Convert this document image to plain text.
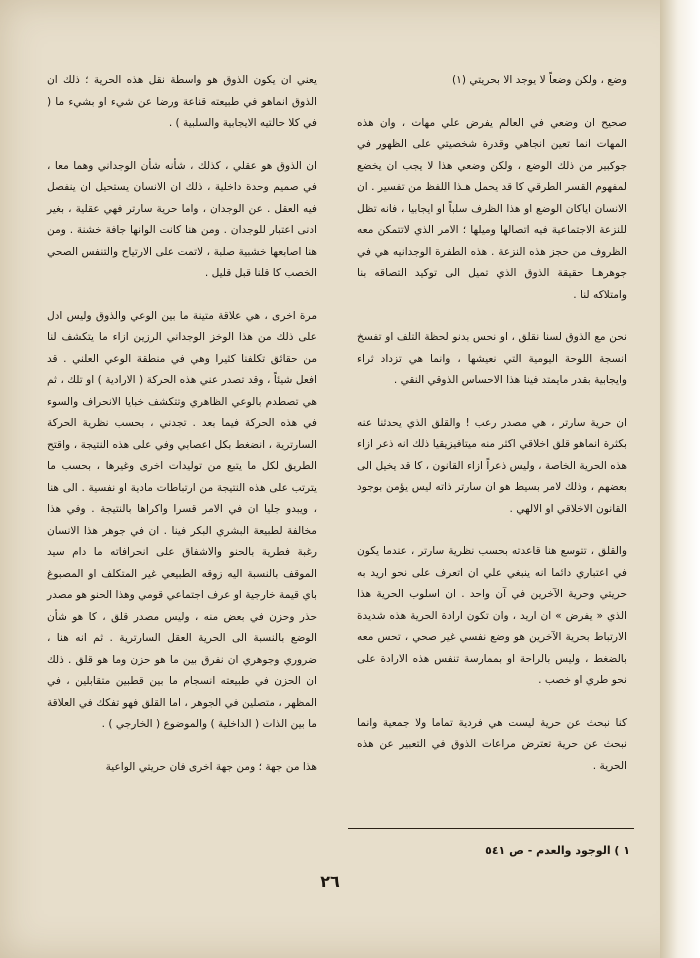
وضع ، ولكن وضعاً لا يوجد الا بحريتي (١)

صحيح ان وضعي في العالم يفرض علي مهات ، وان هذه المهات انما تعين انجاهي وقدرة شخصيتي على الظهور في جوكبير من ذلك الوضع ، ولكن وضعي هذا لا يجب ان يخضع لمفهوم القسر الطرقي كا قد يحمل هـذا اللفظ من تفسير . ان الانسان اياكان الوضع او هذا الظرف سلباً او ايجابيا ، فانه تظل للنزعة الاجتماعية فيه اتصالها وميلها ؛ الامر الذي لاتتمكن معه الظروف من حجز هذه النزعة . هذه الطفرة الوجدانيه هي في جوهرهـا حقيقة الذوق الذي تميل الى توكيد التصاقه بنا وامتلاكه لنا .

نحن مع الذوق لسنا نقلق ، او نحس بدنو لحظة التلف او تفسخ انسجة اللوحة اليومية التي نعيشها ، وانما هي تزداد ثراء وايجابية بقدر مايمتد فينا هذا الاحساس الذوقي النقي .

ان حرية سارتر ، هي مصدر رعب ! والقلق الذي يحدثنا عنه بكثرة انماهو قلق اخلاقي اكثر منه ميتافيزيقيا ذلك انه ذعر ازاء هذه الحرية الخاصة ، وليس ذعراً ازاء القانون ، كا قد يخيل الى بعضهم ، وذلك لامر بسيط هو ان سارتر ذاته ليس يؤمن بوجود القانون الاخلاقي او الالهي .

والقلق ، تتوسع هنا قاعدته بحسب نظرية سارتر ، عندما يكون في اعتباري دائما انه ينبغي علي ان اتعرف على نحو اريد به حريتي وحرية الآخرين في آن واحد . ان اسلوب الحرية هذا الذي « يفرض » ان اريد ، وان تكون ارادة الحرية هذه شديدة الارتباط بحرية الآخرين هو وضع نفسي غير صحي ، تحس معه بالضغط ، وليس بالراحة او بممارسة تنفس هذه الارادة على نحو طري او خصب .

كنا نبحث عن حرية ليست هي فردية تماما ولا جمعية وانما نبحث عن حرية تعترض مراعات الذوق في التعبير عن هذه الحرية .

يعني ان يكون الذوق هو واسطة نقل هذه الحرية ؛ ذلك ان الذوق انماهو في طبيعته قناعة ورضا عن شيء او بشيء ما ( في كلا حالتيه الايجابية والسلبية ) .

ان الذوق هو عقلي ، كذلك ، شأنه شأن الوجداني وهما معا ، في صميم وحدة داخلية ، ذلك ان الانسان يستحيل ان ينفصل فيه العقل . عن الوجدان ، واما حرية سارتر فهي عقلية ، بغير ادنى اعتبار للوجدان . ومن هنا كانت الوانها جافة خشنة . ومن هنا اصابعها خشبية صلبة ، لاتمت على الارتياح والتنفس الصحي الخصب كا قلنا قبل قليل .

مرة اخرى ، هي علاقة متينة ما بين الوعي والذوق وليس ادل على ذلك من هذا الوخز الوجداني الرزين ازاء ما يتكشف لنا من حقائق تكلفنا كثيرا وهي في منطقة الوعي العلني . قد افعل شيئاً ، وقد تصدر عني هذه الحركة ( الارادية ) او تلك ، ثم هي تصطدم بالوعي الظاهري وتتكشف خبايا الانحراف والسوء في هذه الحركة فيما بعد . تجدني ، بحسب نظرية الحركة السارترية ، انضغط بكل اعصابي وفي على هذه النتيجة ، واقتح الطريق لكل ما يتبع من توليدات اخرى وغيرها ، بحسب ما يترتب على هذه النتيجة من ارتباطات مادية او نفسية . الى هنا ، ويبدو جليا ان في الامر قسرا واكراها بالنتيجة . وفي هذا مخالفة لطبيعة البشري البكر فينا . ان في جوهر هذا الانسان رغبة فطرية بالحنو والاشفاق على انحرافاته ما دام سيد الموقف بالنسبة اليه زوقه الطبيعي غير المتكلف او المصبوغ باي قيمة خارجية او عرف اجتماعي قومي وهذا الحنو هو مصدر حذر وحزن في بعض منه ، وليس مصدر قلق ، كا هو شأن الوضع بالنسبة الى الحرية العقل السارترية . ثم انه هنا ، ضروري وجوهري ان نفرق بين ما هو حزن وما هو قلق . ذلك ان الحزن في طبيعته انسجام ما بين قطبين متقابلين ، في المظهر ، متصلين في الجوهر ، اما القلق فهو تفكك في العلاقة ما بين الذات ( الداخلية ) والموضوع ( الخارجي ) .

هذا من جهة ؛ ومن جهة اخرى فان حريتي الواعية

١ ) الوجود والعدم - ص ٥٤١
٢٦
